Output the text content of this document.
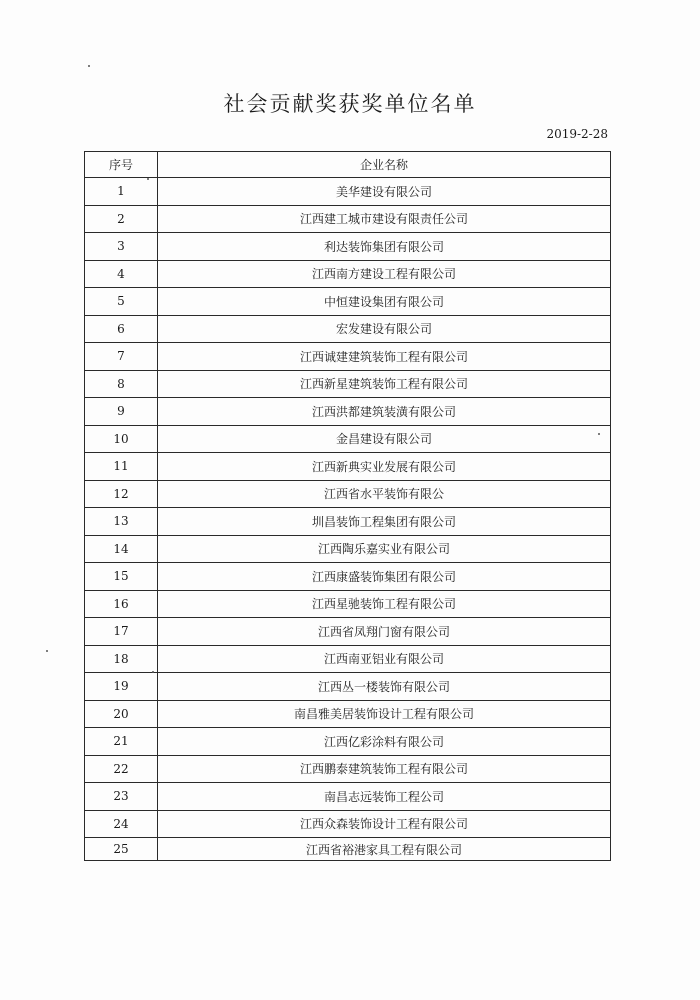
社会贡献奖获奖单位名单
2019-2-28
序号	企业名称
1	美华建设有限公司
2	江西建工城市建设有限责任公司
3	利达装饰集团有限公司
4	江西南方建设工程有限公司
5	中恒建设集团有限公司
6	宏发建设有限公司
7	江西诚建建筑装饰工程有限公司
8	江西新星建筑装饰工程有限公司
9	江西洪都建筑装潢有限公司
10	金昌建设有限公司
11	江西新典实业发展有限公司
12	江西省水平装饰有限公
13	圳昌装饰工程集团有限公司
14	江西陶乐嘉实业有限公司
15	江西康盛装饰集团有限公司
16	江西星驰装饰工程有限公司
17	江西省凤翔门窗有限公司
18	江西南亚铝业有限公司
19	江西丛一楼装饰有限公司
20	南昌雅美居装饰设计工程有限公司
21	江西亿彩涂料有限公司
22	江西鹏泰建筑装饰工程有限公司
23	南昌志远装饰工程公司
24	江西众森装饰设计工程有限公司
25	江西省裕港家具工程有限公司
